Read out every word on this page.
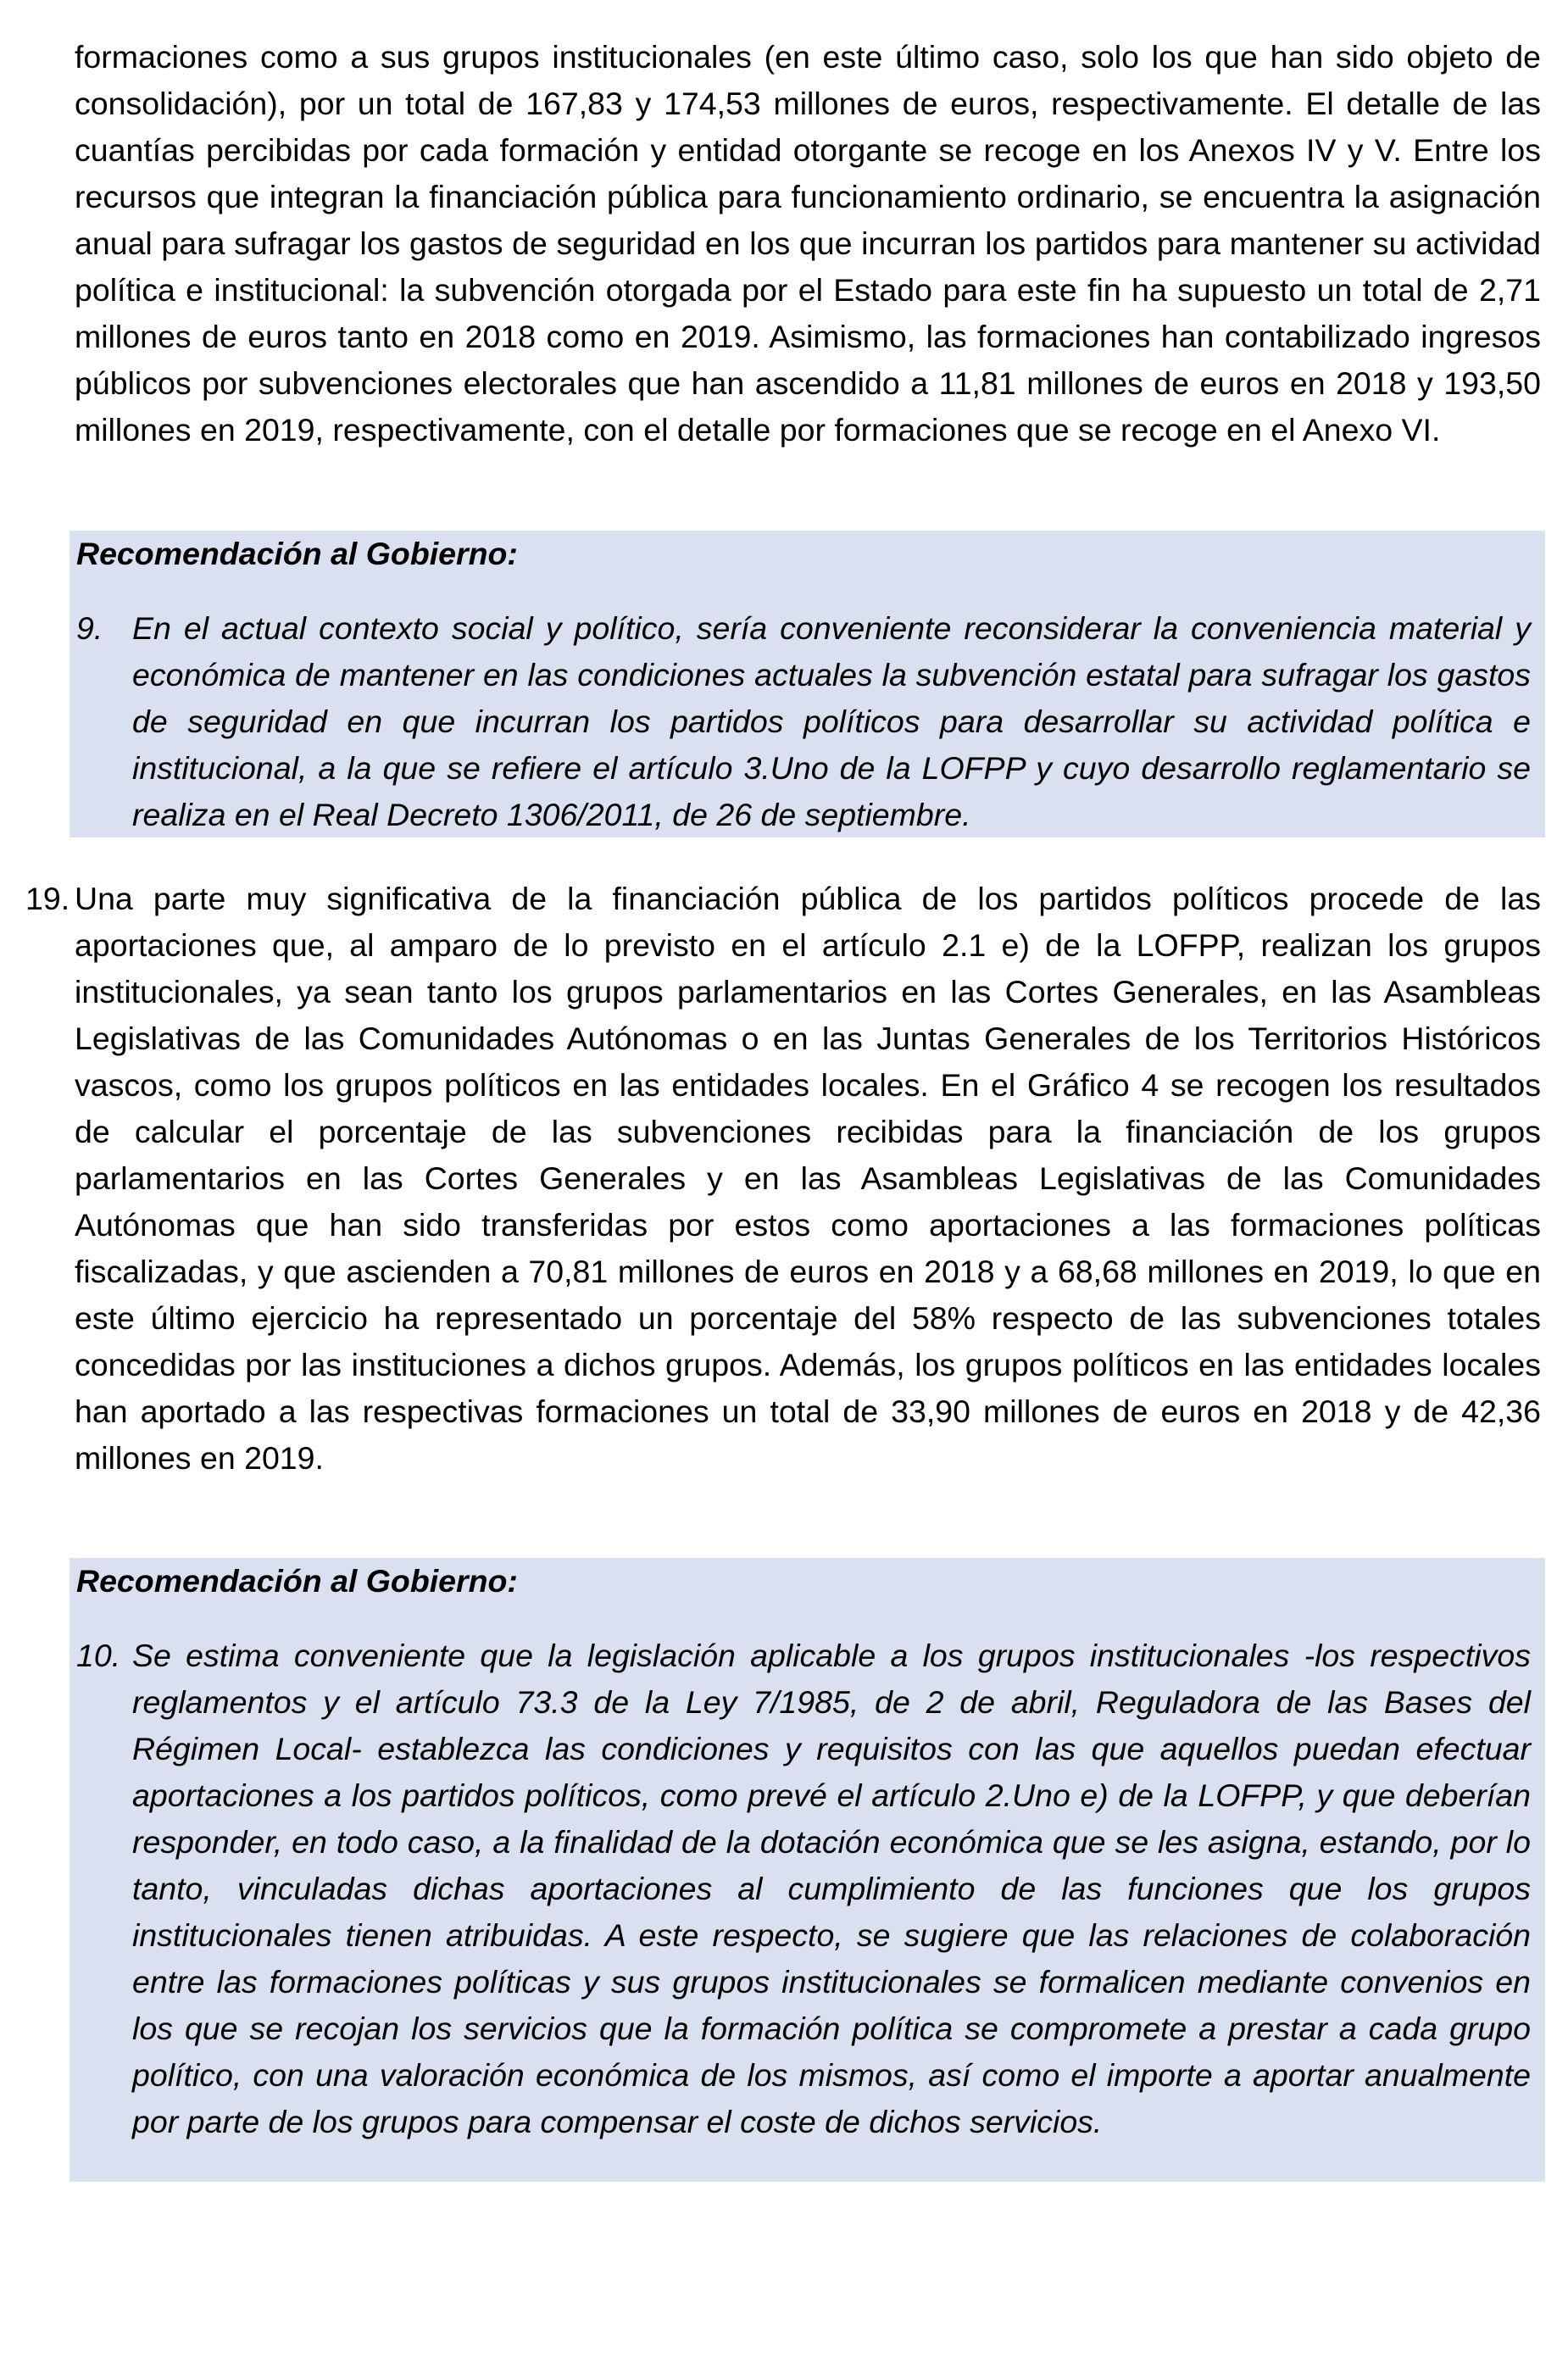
formaciones como a sus grupos institucionales (en este último caso, solo los que han sido objeto de consolidación), por un total de 167,83 y 174,53 millones de euros, respectivamente. El detalle de las cuantías percibidas por cada formación y entidad otorgante se recoge en los Anexos IV y V. Entre los recursos que integran la financiación pública para funcionamiento ordinario, se encuentra la asignación anual para sufragar los gastos de seguridad en los que incurran los partidos para mantener su actividad política e institucional: la subvención otorgada por el Estado para este fin ha supuesto un total de 2,71 millones de euros tanto en 2018 como en 2019. Asimismo, las formaciones han contabilizado ingresos públicos por subvenciones electorales que han ascendido a 11,81 millones de euros en 2018 y 193,50 millones en 2019, respectivamente, con el detalle por formaciones que se recoge en el Anexo VI.

Recomendación al Gobierno:

9. En el actual contexto social y político, sería conveniente reconsiderar la conveniencia material y económica de mantener en las condiciones actuales la subvención estatal para sufragar los gastos de seguridad en que incurran los partidos políticos para desarrollar su actividad política e institucional, a la que se refiere el artículo 3.Uno de la LOFPP y cuyo desarrollo reglamentario se realiza en el Real Decreto 1306/2011, de 26 de septiembre.

19. Una parte muy significativa de la financiación pública de los partidos políticos procede de las aportaciones que, al amparo de lo previsto en el artículo 2.1 e) de la LOFPP, realizan los grupos institucionales, ya sean tanto los grupos parlamentarios en las Cortes Generales, en las Asambleas Legislativas de las Comunidades Autónomas o en las Juntas Generales de los Territorios Históricos vascos, como los grupos políticos en las entidades locales. En el Gráfico 4 se recogen los resultados de calcular el porcentaje de las subvenciones recibidas para la financiación de los grupos parlamentarios en las Cortes Generales y en las Asambleas Legislativas de las Comunidades Autónomas que han sido transferidas por estos como aportaciones a las formaciones políticas fiscalizadas, y que ascienden a 70,81 millones de euros en 2018 y a 68,68 millones en 2019, lo que en este último ejercicio ha representado un porcentaje del 58% respecto de las subvenciones totales concedidas por las instituciones a dichos grupos. Además, los grupos políticos en las entidades locales han aportado a las respectivas formaciones un total de 33,90 millones de euros en 2018 y de 42,36 millones en 2019.

Recomendación al Gobierno:

10. Se estima conveniente que la legislación aplicable a los grupos institucionales -los respectivos reglamentos y el artículo 73.3 de la Ley 7/1985, de 2 de abril, Reguladora de las Bases del Régimen Local- establezca las condiciones y requisitos con las que aquellos puedan efectuar aportaciones a los partidos políticos, como prevé el artículo 2.Uno e) de la LOFPP, y que deberían responder, en todo caso, a la finalidad de la dotación económica que se les asigna, estando, por lo tanto, vinculadas dichas aportaciones al cumplimiento de las funciones que los grupos institucionales tienen atribuidas. A este respecto, se sugiere que las relaciones de colaboración entre las formaciones políticas y sus grupos institucionales se formalicen mediante convenios en los que se recojan los servicios que la formación política se compromete a prestar a cada grupo político, con una valoración económica de los mismos, así como el importe a aportar anualmente por parte de los grupos para compensar el coste de dichos servicios.
